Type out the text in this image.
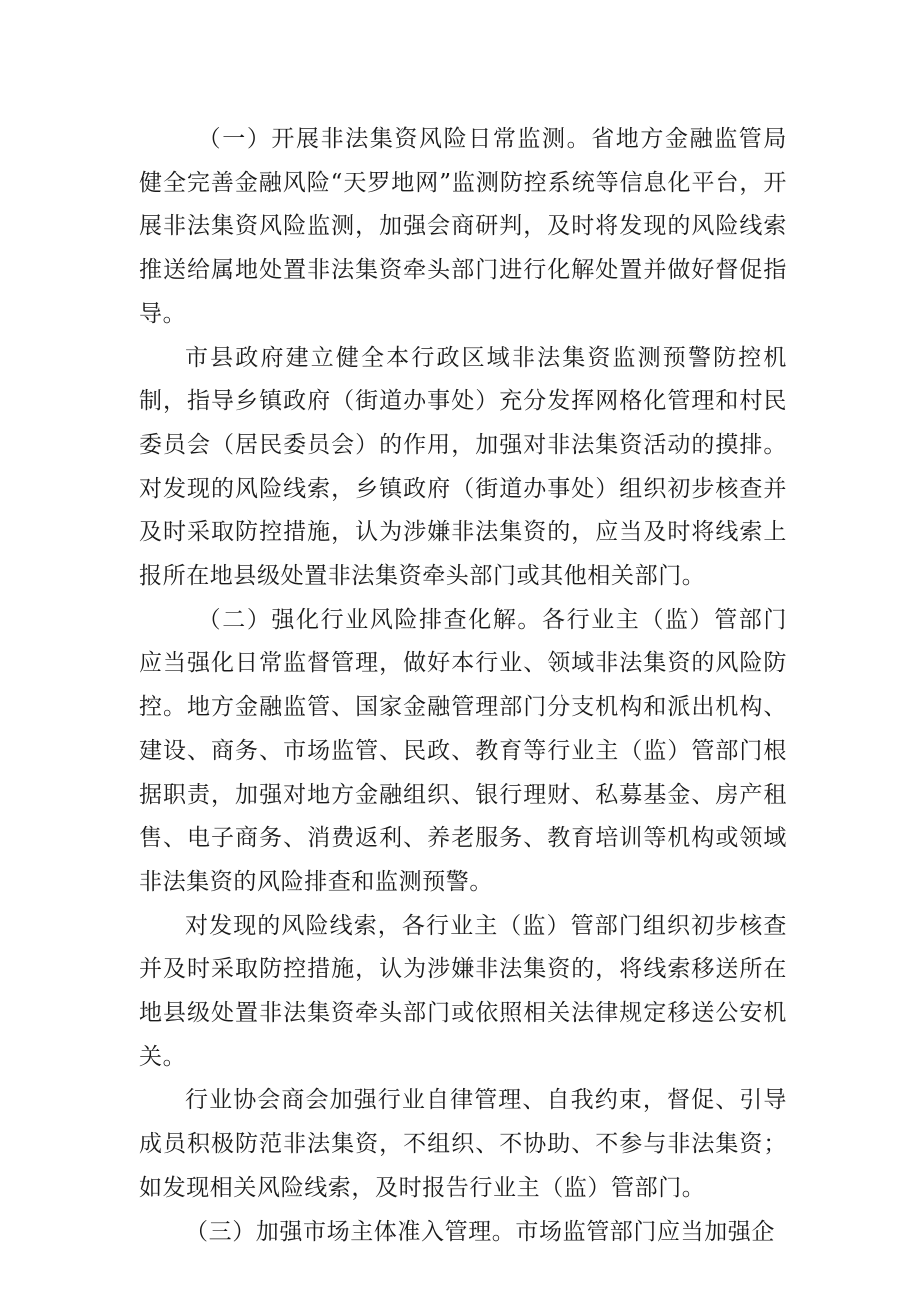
（一）开展非法集资风险日常监测。省地方金融监管局健全完善金融风险“天罗地网”监测防控系统等信息化平台，开展非法集资风险监测，加强会商研判，及时将发现的风险线索推送给属地处置非法集资牵头部门进行化解处置并做好督促指导。

市县政府建立健全本行政区域非法集资监测预警防控机制，指导乡镇政府（街道办事处）充分发挥网格化管理和村民委员会（居民委员会）的作用，加强对非法集资活动的摸排。对发现的风险线索，乡镇政府（街道办事处）组织初步核查并及时采取防控措施，认为涉嫌非法集资的，应当及时将线索上报所在地县级处置非法集资牵头部门或其他相关部门。

（二）强化行业风险排查化解。各行业主（监）管部门应当强化日常监督管理，做好本行业、领域非法集资的风险防控。地方金融监管、国家金融管理部门分支机构和派出机构、建设、商务、市场监管、民政、教育等行业主（监）管部门根据职责，加强对地方金融组织、银行理财、私募基金、房产租售、电子商务、消费返利、养老服务、教育培训等机构或领域非法集资的风险排查和监测预警。

对发现的风险线索，各行业主（监）管部门组织初步核查并及时采取防控措施，认为涉嫌非法集资的，将线索移送所在地县级处置非法集资牵头部门或依照相关法律规定移送公安机关。

行业协会商会加强行业自律管理、自我约束，督促、引导成员积极防范非法集资，不组织、不协助、不参与非法集资；如发现相关风险线索，及时报告行业主（监）管部门。

（三）加强市场主体准入管理。市场监管部门应当加强企
